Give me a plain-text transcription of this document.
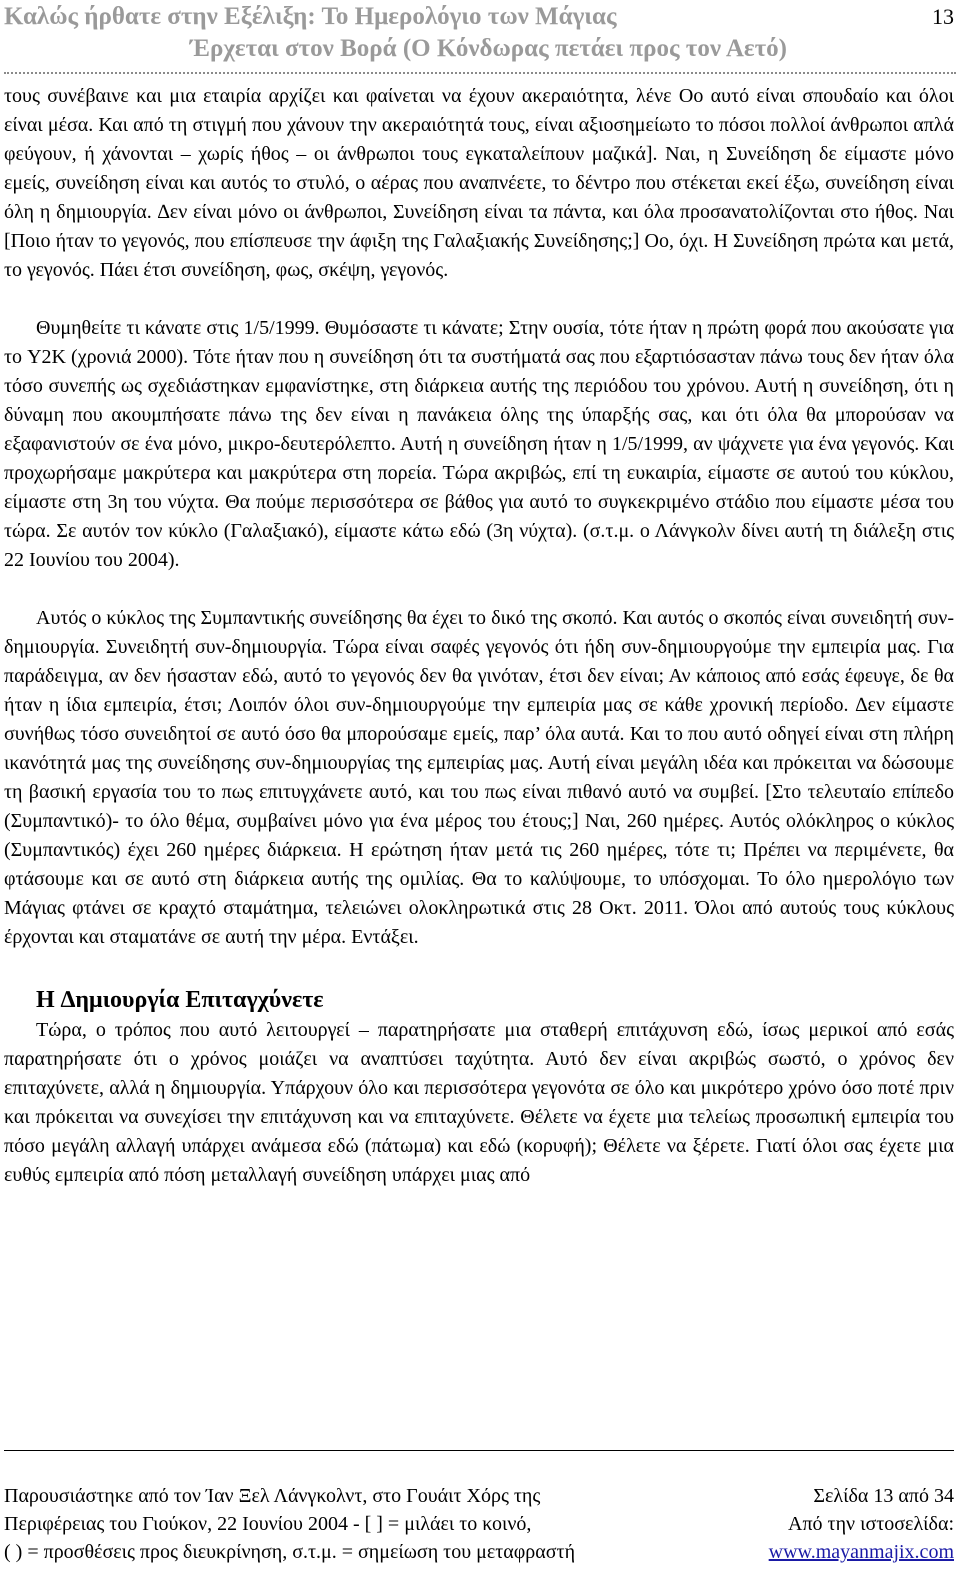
Καλώς ήρθατε στην Εξέλιξη: Το Ημερολόγιο των Μάγιας
Έρχεται στον Βορά (Ο Κόνδωρας πετάει προς τον Αετό)
13

τους συνέβαινε και μια εταιρία αρχίζει και φαίνεται να έχουν ακεραιότητα, λένε Οο αυτό είναι σπουδαίο και όλοι είναι μέσα. Και από τη στιγμή που χάνουν την ακεραιότητά τους, είναι αξιοσημείωτο το πόσοι πολλοί άνθρωποι απλά φεύγουν, ή χάνονται – χωρίς ήθος – οι άνθρωποι τους εγκαταλείπουν μαζικά]. Ναι, η Συνείδηση δε είμαστε μόνο εμείς, συνείδηση είναι και αυτός το στυλό, ο αέρας που αναπνέετε, το δέντρο που στέκεται εκεί έξω, συνείδηση είναι όλη η δημιουργία. ∆εν είναι μόνο οι άνθρωποι, Συνείδηση είναι τα πάντα, και όλα προσανατολίζονται στο ήθος. Ναι [Ποιο ήταν το γεγονός, που επίσπευσε την άφιξη της Γαλαξιακής Συνείδησης;] Οο, όχι. Η Συνείδηση πρώτα και μετά, το γεγονός. Πάει έτσι συνείδηση, φως, σκέψη, γεγονός.

Θυμηθείτε τι κάνατε στις 1/5/1999. Θυμόσαστε τι κάνατε; Στην ουσία, τότε ήταν η πρώτη φορά που ακούσατε για το Y2K (χρονιά 2000). Τότε ήταν που η συνείδηση ότι τα συστήματά σας που εξαρτιόσασταν πάνω τους δεν ήταν όλα τόσο συνεπής ως σχεδιάστηκαν εμφανίστηκε, στη διάρκεια αυτής της περιόδου του χρόνου. Αυτή η συνείδηση, ότι η δύναμη που ακουμπήσατε πάνω της δεν είναι η πανάκεια όλης της ύπαρξής σας, και ότι όλα θα μπορούσαν να εξαφανιστούν σε ένα μόνο, μικρο-δευτερόλεπτο. Αυτή η συνείδηση ήταν η 1/5/1999, αν ψάχνετε για ένα γεγονός. Και προχωρήσαμε μακρύτερα και μακρύτερα στη πορεία. Τώρα ακριβώς, επί τη ευκαιρία, είμαστε σε αυτού του κύκλου, είμαστε στη 3η του νύχτα. Θα πούμε περισσότερα σε βάθος για αυτό το συγκεκριμένο στάδιο που είμαστε μέσα του τώρα. Σε αυτόν τον κύκλο (Γαλαξιακό), είμαστε κάτω εδώ (3η νύχτα). (σ.τ.μ. ο Λάνγκολν δίνει αυτή τη διάλεξη στις 22 Ιουνίου του 2004).

Αυτός ο κύκλος της Συμπαντικής συνείδησης θα έχει το δικό της σκοπό. Και αυτός ο σκοπός είναι συνειδητή συν-δημιουργία. Συνειδητή συν-δημιουργία. Τώρα είναι σαφές γεγονός ότι ήδη συν-δημιουργούμε την εμπειρία μας. Για παράδειγμα, αν δεν ήσασταν εδώ, αυτό το γεγονός δεν θα γινόταν, έτσι δεν είναι; Αν κάποιος από εσάς έφευγε, δε θα ήταν η ίδια εμπειρία, έτσι; Λοιπόν όλοι συν-δημιουργούμε την εμπειρία μας σε κάθε χρονική περίοδο. ∆εν είμαστε συνήθως τόσο συνειδητοί σε αυτό όσο θα μπορούσαμε εμείς, παρ’ όλα αυτά. Και το που αυτό οδηγεί είναι στη πλήρη ικανότητά μας της συνείδησης συν-δημιουργίας της εμπειρίας μας. Αυτή είναι μεγάλη ιδέα και πρόκειται να δώσουμε τη βασική εργασία του το πως επιτυγχάνετε αυτό, και του πως είναι πιθανό αυτό να συμβεί. [Στο τελευταίο επίπεδο (Συμπαντικό)- το όλο θέμα, συμβαίνει μόνο για ένα μέρος του έτους;] Ναι, 260 ημέρες. Αυτός ολόκληρος ο κύκλος (Συμπαντικός) έχει 260 ημέρες διάρκεια. Η ερώτηση ήταν μετά τις 260 ημέρες, τότε τι; Πρέπει να περιμένετε, θα φτάσουμε και σε αυτό στη διάρκεια αυτής της ομιλίας. Θα το καλύψουμε, το υπόσχομαι. Το όλο ημερολόγιο των Μάγιας φτάνει σε κραχτό σταμάτημα, τελειώνει ολοκληρωτικά στις 28 Οκτ. 2011. Όλοι από αυτούς τους κύκλους έρχονται και σταματάνε σε αυτή την μέρα. Εντάξει.

Η ∆ημιουργία Επιταγχύνετε

Τώρα, ο τρόπος που αυτό λειτουργεί – παρατηρήσατε μια σταθερή επιτάχυνση εδώ, ίσως μερικοί από εσάς παρατηρήσατε ότι ο χρόνος μοιάζει να αναπτύσει ταχύτητα. Αυτό δεν είναι ακριβώς σωστό, ο χρόνος δεν επιταχύνετε, αλλά η δημιουργία. Υπάρχουν όλο και περισσότερα γεγονότα σε όλο και μικρότερο χρόνο όσο ποτέ πριν και πρόκειται να συνεχίσει την επιτάχυνση και να επιταχύνετε. Θέλετε να έχετε μια τελείως προσωπική εμπειρία του πόσο μεγάλη αλλαγή υπάρχει ανάμεσα εδώ (πάτωμα) και εδώ (κορυφή); Θέλετε να ξέρετε. Γιατί όλοι σας έχετε μια ευθύς εμπειρία από πόση μεταλλαγή συνείδηση υπάρχει μιας από

Παρουσιάστηκε από τον Ίαν Ξελ Λάνγκολντ, στο Γουάιτ Χόρς της	Σελίδα 13 από 34
Περιφέρειας του Γιούκον, 22 Ιουνίου 2004 - [ ] = μιλάει το κοινό,	Από την ιστοσελίδα:
( ) = προσθέσεις προς διευκρίνηση, σ.τ.μ. = σημείωση του μεταφραστή	www.mayanmajix.com
